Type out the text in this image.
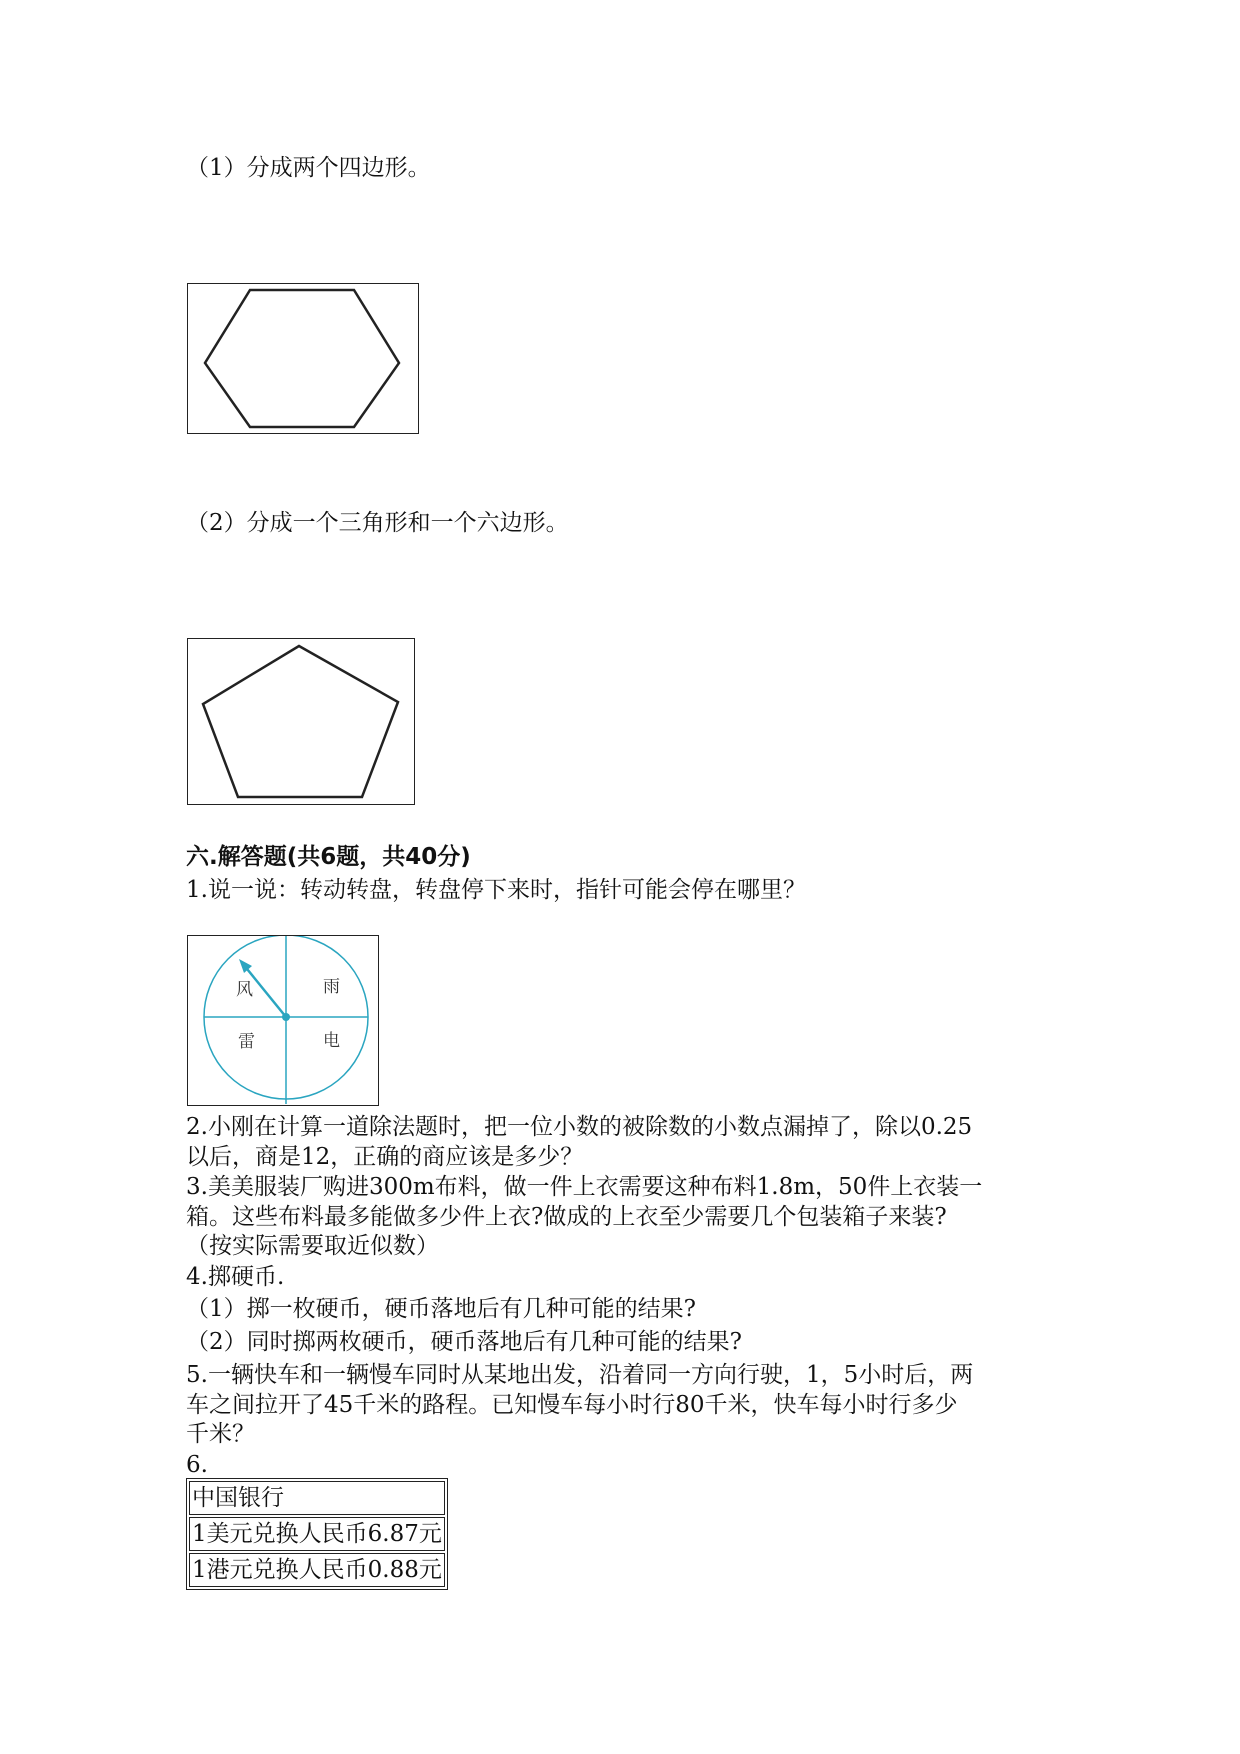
（1）分成两个四边形。
（2）分成一个三角形和一个六边形。
六.解答题(共6题，共40分)
1.说一说：转动转盘，转盘停下来时，指针可能会停在哪里？
风	雨
雷	电
2.小刚在计算一道除法题时，把一位小数的被除数的小数点漏掉了，除以0.25
以后，商是12，正确的商应该是多少？
3.美美服装厂购进300m布料，做一件上衣需要这种布料1.8m，50件上衣装一
箱。这些布料最多能做多少件上衣?做成的上衣至少需要几个包装箱子来装?
（按实际需要取近似数）
4.掷硬币.
（1）掷一枚硬币，硬币落地后有几种可能的结果?
（2）同时掷两枚硬币，硬币落地后有几种可能的结果?
5.一辆快车和一辆慢车同时从某地出发，沿着同一方向行驶，1，5小时后，两
车之间拉开了45千米的路程。已知慢车每小时行80千米，快车每小时行多少
千米？
6.
中国银行
1美元兑换人民币6.87元
1港元兑换人民币0.88元
